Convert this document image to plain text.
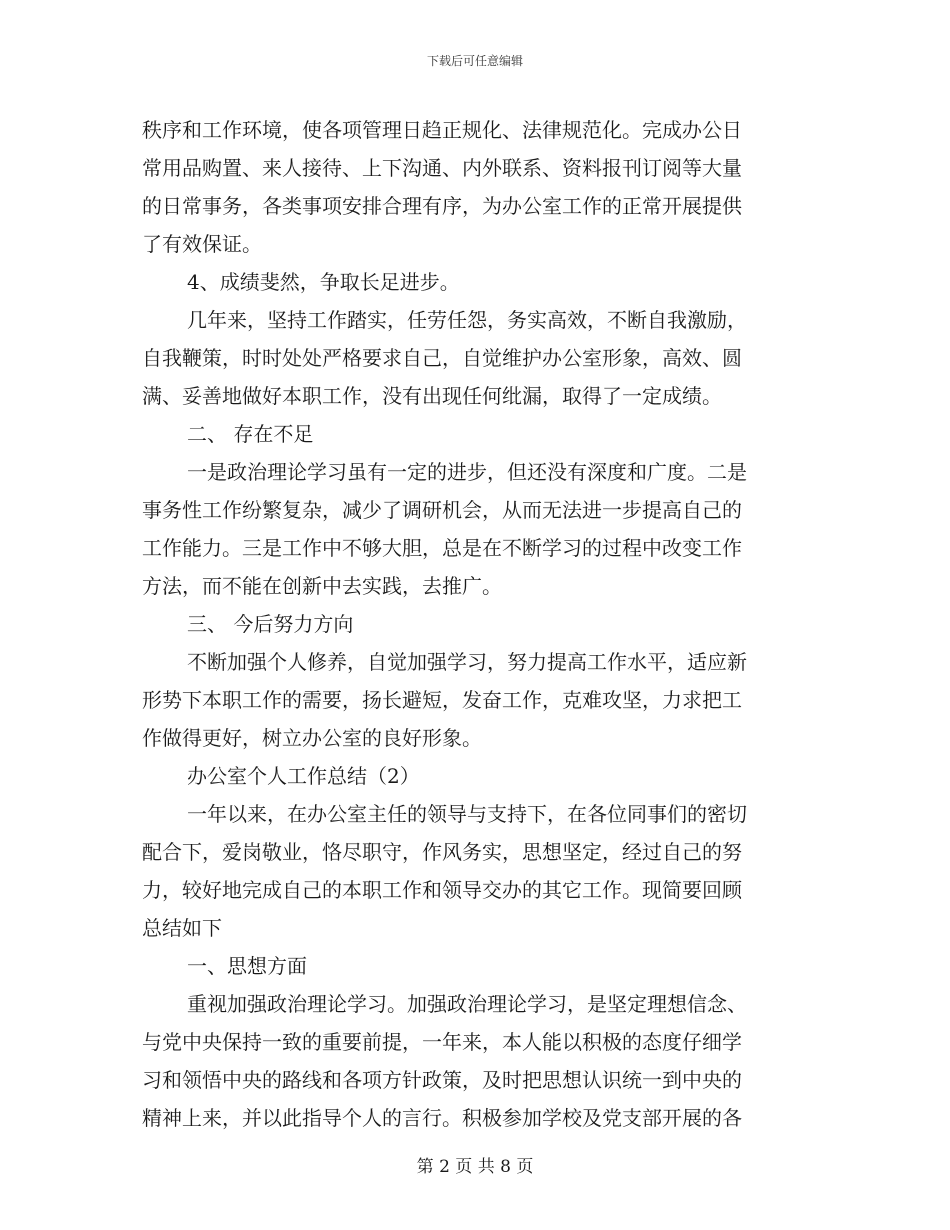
下载后可任意编辑
秩序和工作环境，使各项管理日趋正规化、法律规范化。完成办公日
常用品购置、来人接待、上下沟通、内外联系、资料报刊订阅等大量
的日常事务，各类事项安排合理有序，为办公室工作的正常开展提供
了有效保证。
4、成绩斐然，争取长足进步。
几年来，坚持工作踏实，任劳任怨，务实高效，不断自我激励，
自我鞭策，时时处处严格要求自己，自觉维护办公室形象，高效、圆
满、妥善地做好本职工作，没有出现任何纰漏，取得了一定成绩。
二、 存在不足
一是政治理论学习虽有一定的进步，但还没有深度和广度。二是
事务性工作纷繁复杂，减少了调研机会，从而无法进一步提高自己的
工作能力。三是工作中不够大胆，总是在不断学习的过程中改变工作
方法，而不能在创新中去实践，去推广。
三、 今后努力方向
不断加强个人修养，自觉加强学习，努力提高工作水平，适应新
形势下本职工作的需要，扬长避短，发奋工作，克难攻坚，力求把工
作做得更好，树立办公室的良好形象。
办公室个人工作总结（2）
一年以来，在办公室主任的领导与支持下，在各位同事们的密切
配合下，爱岗敬业，恪尽职守，作风务实，思想坚定，经过自己的努
力，较好地完成自己的本职工作和领导交办的其它工作。现简要回顾
总结如下
一、思想方面
重视加强政治理论学习。加强政治理论学习，是坚定理想信念、
与党中央保持一致的重要前提，一年来，本人能以积极的态度仔细学
习和领悟中央的路线和各项方针政策，及时把思想认识统一到中央的
精神上来，并以此指导个人的言行。积极参加学校及党支部开展的各
第 2 页 共 8 页
